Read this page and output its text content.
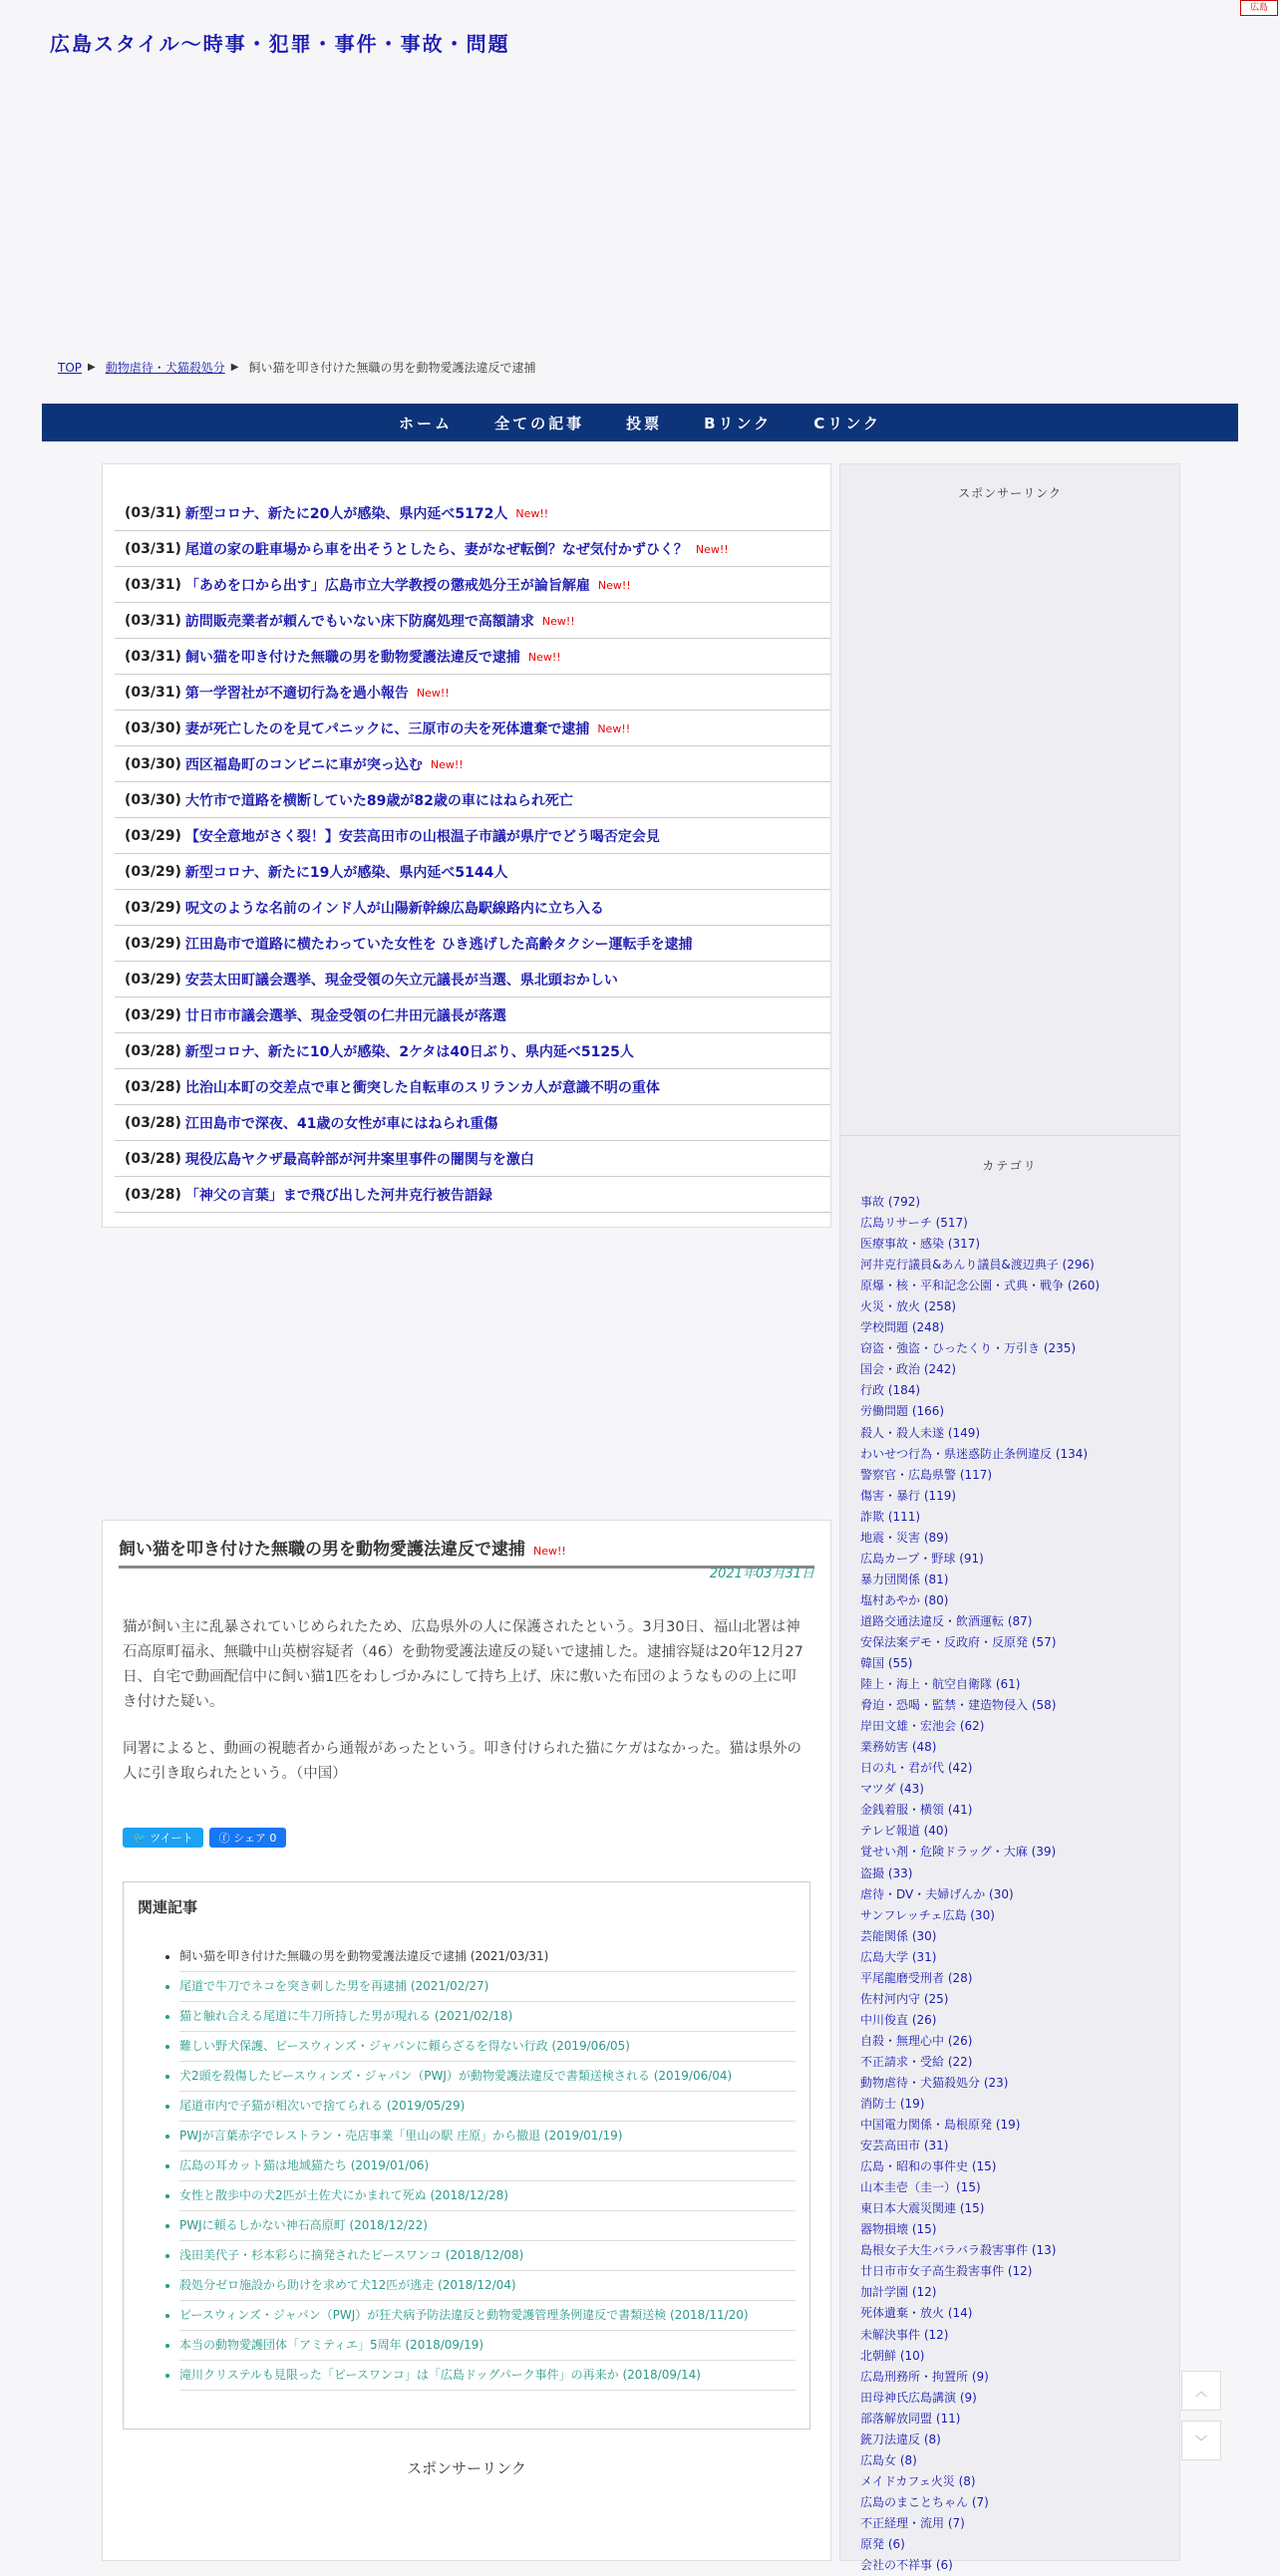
広島
広島スタイル～時事・犯罪・事件・事故・問題
TOP ▶ 動物虐待・犬猫殺処分 ▶ 飼い猫を叩き付けた無職の男を動物愛護法違反で逮捕
ホーム	全ての記事	投票	Bリンク	Cリンク
(03/31) 新型コロナ、新たに20人が感染、県内延べ5172人 New!!
(03/31) 尾道の家の駐車場から車を出そうとしたら、妻がなぜ転倒？なぜ気付かずひく？ New!!
(03/31) 「あめを口から出す」広島市立大学教授の懲戒処分王が論旨解雇 New!!
(03/31) 訪問販売業者が頼んでもいない床下防腐処理で高額請求 New!!
(03/31) 飼い猫を叩き付けた無職の男を動物愛護法違反で逮捕 New!!
(03/31) 第一学習社が不適切行為を過小報告 New!!
(03/30) 妻が死亡したのを見てパニックに、三原市の夫を死体遺棄で逮捕 New!!
(03/30) 西区福島町のコンビニに車が突っ込む New!!
(03/30) 大竹市で道路を横断していた89歳が82歳の車にはねられ死亡
(03/29) 【安全意地がさく裂！】安芸高田市の山根温子市議が県庁でどう喝否定会見
(03/29) 新型コロナ、新たに19人が感染、県内延べ5144人
(03/29) 呪文のような名前のインド人が山陽新幹線広島駅線路内に立ち入る
(03/29) 江田島市で道路に横たわっていた女性を ひき逃げした高齢タクシー運転手を逮捕
(03/29) 安芸太田町議会選挙、現金受領の矢立元議長が当選、県北頭おかしい
(03/29) 廿日市市議会選挙、現金受領の仁井田元議長が落選
(03/28) 新型コロナ、新たに10人が感染、2ケタは40日ぶり、県内延べ5125人
(03/28) 比治山本町の交差点で車と衝突した自転車のスリランカ人が意識不明の重体
(03/28) 江田島市で深夜、41歳の女性が車にはねられ重傷
(03/28) 現役広島ヤクザ最高幹部が河井案里事件の闇関与を激白
(03/28) 「神父の言葉」まで飛び出した河井克行被告語録
飼い猫を叩き付けた無職の男を動物愛護法違反で逮捕 New!!
2021年03月31日

猫が飼い主に乱暴されていじめられたため、広島県外の人に保護されたという。3月30日、福山北署は神石高原町福永、無職中山英樹容疑者（46）を動物愛護法違反の疑いで逮捕した。逮捕容疑は20年12月27日、自宅で動画配信中に飼い猫1匹をわしづかみにして持ち上げ、床に敷いた布団のようなものの上に叩き付けた疑い。

同署によると、動画の視聴者から通報があったという。叩き付けられた猫にケガはなかった。猫は県外の人に引き取られたという。（中国）

🐦 ツイート	ⓕ シェア 0
関連記事
• 飼い猫を叩き付けた無職の男を動物愛護法違反で逮捕 (2021/03/31)
• 尾道で牛刀でネコを突き刺した男を再逮捕 (2021/02/27)
• 猫と触れ合える尾道に牛刀所持した男が現れる (2021/02/18)
• 難しい野犬保護、ピースウィンズ・ジャパンに頼らざるを得ない行政 (2019/06/05)
• 犬2頭を殺傷したピースウィンズ・ジャパン（PWJ）が動物愛護法違反で書類送検される (2019/06/04)
• 尾道市内で子猫が相次いで捨てられる (2019/05/29)
• PWJが言葉赤字でレストラン・売店事業「里山の駅 庄原」から撤退 (2019/01/19)
• 広島の耳カット猫は地域猫たち (2019/01/06)
• 女性と散歩中の犬2匹が土佐犬にかまれて死ぬ (2018/12/28)
• PWJに頼るしかない神石高原町 (2018/12/22)
• 浅田美代子・杉本彩らに摘発されたピースワンコ (2018/12/08)
• 殺処分ゼロ施設から助けを求めて犬12匹が逃走 (2018/12/04)
• ピースウィンズ・ジャパン（PWJ）が狂犬病予防法違反と動物愛護管理条例違反で書類送検 (2018/11/20)
• 本当の動物愛護団体「アミティエ」5周年 (2018/09/19)
• 滝川クリステルも見限った「ピースワンコ」は「広島ドッグパーク事件」の再来か (2018/09/14)
スポンサーリンク
スポンサーリンク
カテゴリ
事故 (792)
広島リサーチ (517)
医療事故・感染 (317)
河井克行議員&あんり議員&渡辺典子 (296)
原爆・核・平和記念公園・式典・戦争 (260)
火災・放火 (258)
学校問題 (248)
窃盗・強盗・ひったくり・万引き (235)
国会・政治 (242)
行政 (184)
労働問題 (166)
殺人・殺人未遂 (149)
わいせつ行為・県迷惑防止条例違反 (134)
警察官・広島県警 (117)
傷害・暴行 (119)
詐欺 (111)
地震・災害 (89)
広島カープ・野球 (91)
暴力団関係 (81)
塩村あやか (80)
道路交通法違反・飲酒運転 (87)
安保法案デモ・反政府・反原発 (57)
韓国 (55)
陸上・海上・航空自衛隊 (61)
脅迫・恐喝・監禁・建造物侵入 (58)
岸田文雄・宏池会 (62)
業務妨害 (48)
日の丸・君が代 (42)
マツダ (43)
金銭着服・横領 (41)
テレビ報道 (40)
覚せい剤・危険ドラッグ・大麻 (39)
盗撮 (33)
虐待・DV・夫婦げんか (30)
サンフレッチェ広島 (30)
芸能関係 (30)
広島大学 (31)
平尾龍磨受刑者 (28)
佐村河内守 (25)
中川俊直 (26)
自殺・無理心中 (26)
不正請求・受給 (22)
動物虐待・犬猫殺処分 (23)
消防士 (19)
中国電力関係・島根原発 (19)
安芸高田市 (31)
広島・昭和の事件史 (15)
山本圭壱（圭一）(15)
東日本大震災関連 (15)
器物損壊 (15)
島根女子大生バラバラ殺害事件 (13)
廿日市市女子高生殺害事件 (12)
加計学園 (12)
死体遺棄・放火 (14)
未解決事件 (12)
北朝鮮 (10)
広島刑務所・拘置所 (9)
田母神氏広島講演 (9)
部落解放同盟 (11)
銃刀法違反 (8)
広島女 (8)
メイドカフェ火災 (8)
広島のまことちゃん (7)
不正経理・流用 (7)
原発 (6)
会社の不祥事 (6)
︿
﹀
